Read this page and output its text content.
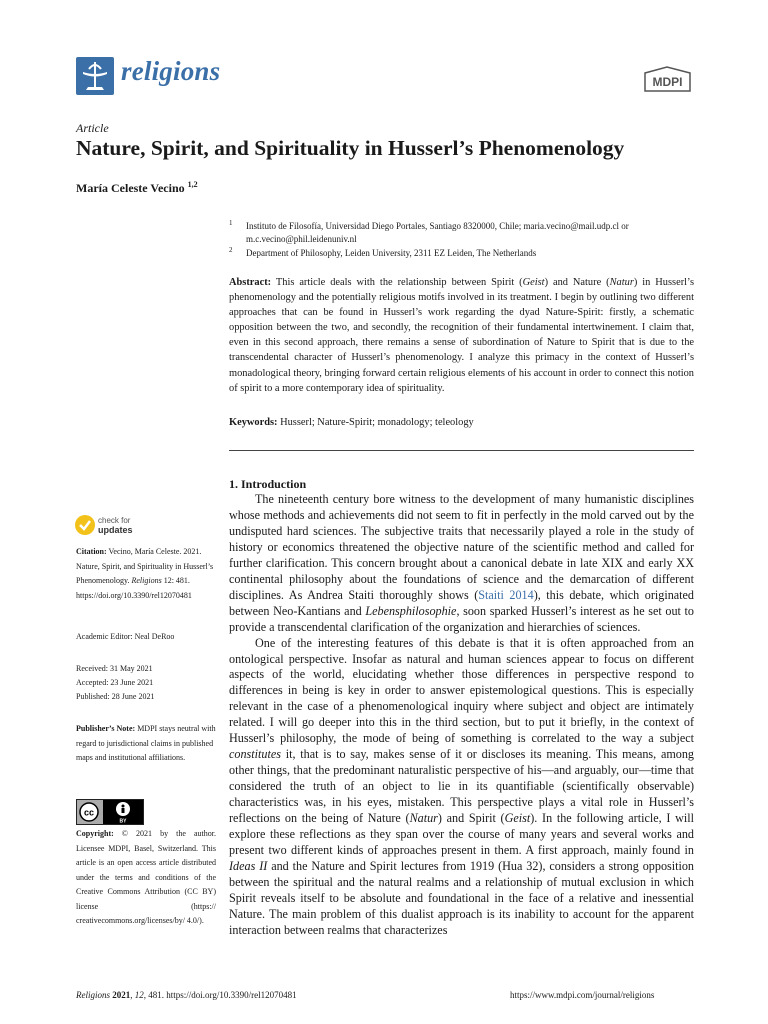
religions	MDPI
Article
Nature, Spirit, and Spirituality in Husserl’s Phenomenology
María Celeste Vecino $^{1,2}$
1 Instituto de Filosofía, Universidad Diego Portales, Santiago 8320000, Chile; maria.vecino@mail.udp.cl or m.c.vecino@phil.leidenuniv.nl
2 Department of Philosophy, Leiden University, 2311 EZ Leiden, The Netherlands
Abstract: This article deals with the relationship between Spirit (Geist) and Nature (Natur) in Husserl’s phenomenology and the potentially religious motifs involved in its treatment. I begin by outlining two different approaches that can be found in Husserl’s work regarding the dyad Nature-Spirit: firstly, a schematic opposition between the two, and secondly, the recognition of their fundamental intertwinement. I claim that, even in this second approach, there remains a sense of subordination of Nature to Spirit that is due to the transcendental character of Husserl’s phenomenology. I analyze this primacy in the context of Husserl’s monadological theory, bringing forward certain religious elements of his account in order to connect this notion of spirit to a more contemporary idea of spirituality.
Keywords: Husserl; Nature-Spirit; monadology; teleology
1. Introduction

The nineteenth century bore witness to the development of many humanistic disciplines whose methods and achievements did not seem to fit in perfectly in the mold carved out by the undisputed hard sciences. The subjective traits that necessarily played a role in the study of history or economics threatened the objective nature of the scientific method and called for further clarification. This concern brought about a canonical debate in late XIX and early XX continental philosophy about the foundations of science and the demarcation of different disciplines. As Andrea Staiti thoroughly shows (Staiti 2014), this debate, which originated between Neo-Kantians and Lebensphilosophie, soon sparked Husserl’s interest as he set out to provide a transcendental clarification of the organization and hierarchies of sciences.

One of the interesting features of this debate is that it is often approached from an ontological perspective. Insofar as natural and human sciences appear to focus on different aspects of the world, elucidating whether those differences in perspective respond to differences in being is key in order to answer epistemological questions. This is especially relevant in the case of a phenomenological inquiry where subject and object are intimately related. I will go deeper into this in the third section, but to put it briefly, in the context of Husserl’s philosophy, the mode of being of something is correlated to the way a subject constitutes it, that is to say, makes sense of it or discloses its meaning. This means, among other things, that the predominant naturalistic perspective of his—and arguably, our—time that considered the truth of an object to lie in its quantifiable (scientifically observable) characteristics was, in his eyes, mistaken. This perspective plays a vital role in Husserl’s reflections on the being of Nature (Natur) and Spirit (Geist). In the following article, I will explore these reflections as they span over the course of many years and several works and present two different kinds of approaches present in them. A first approach, mainly found in Ideas II and the Nature and Spirit lectures from 1919 (Hua 32), considers a strong opposition between the spiritual and the natural realms and a relationship of mutual exclusion in which Spirit reveals itself to be absolute and foundational in the face of a relative and inessential Nature. The main problem of this dualist approach is its inability to account for the apparent interaction between realms that characterizes

check for
updates
Citation: Vecino, María Celeste. 2021. Nature, Spirit, and Spirituality in Husserl’s Phenomenology. Religions 12: 481. https://doi.org/10.3390/rel12070481
Academic Editor: Neal DeRoo
Received: 31 May 2021
Accepted: 23 June 2021
Published: 28 June 2021
Publisher’s Note: MDPI stays neutral with regard to jurisdictional claims in published maps and institutional affiliations.
cc
BY
Copyright: © 2021 by the author. Licensee MDPI, Basel, Switzerland. This article is an open access article distributed under the terms and conditions of the Creative Commons Attribution (CC BY) license (https:// creativecommons.org/licenses/by/ 4.0/).
Religions 2021, 12, 481. https://doi.org/10.3390/rel12070481	https://www.mdpi.com/journal/religions
